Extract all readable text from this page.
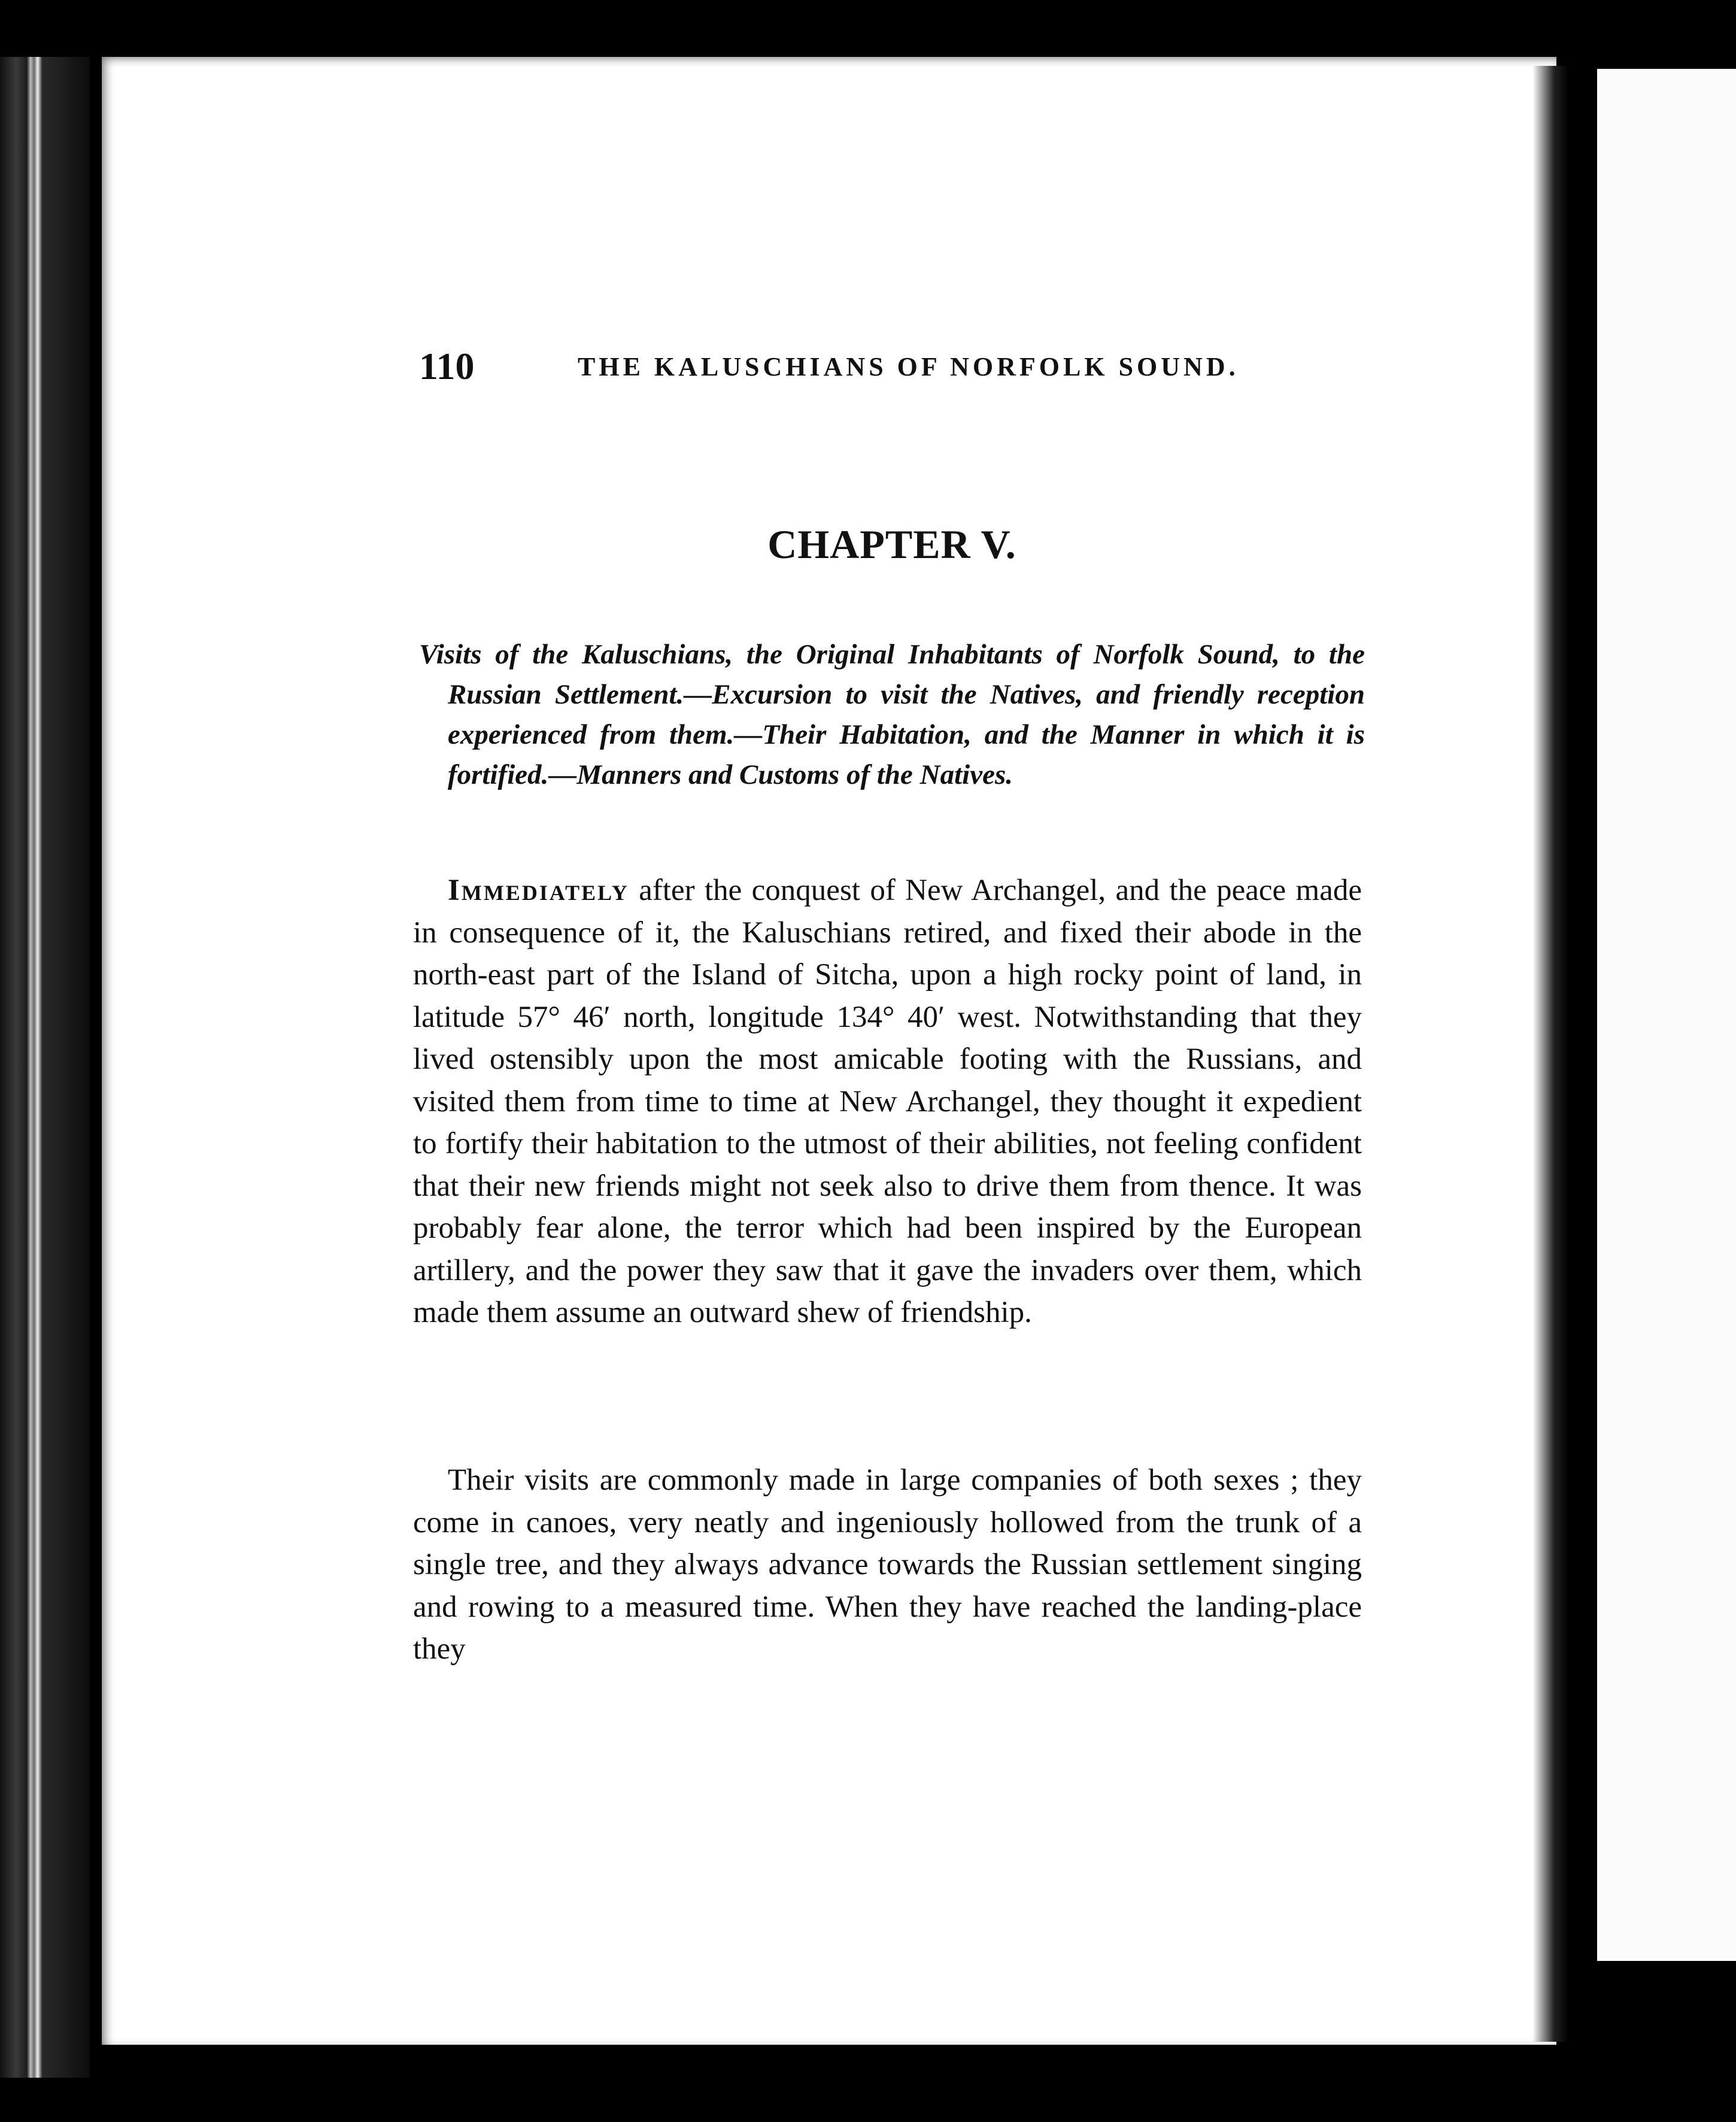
110	THE KALUSCHIANS OF NORFOLK SOUND.
CHAPTER V.
Visits of the Kaluschians, the Original Inhabitants of Norfolk Sound, to the Russian Settlement.—Excursion to visit the Natives, and friendly reception experienced from them.—Their Habitation, and the Manner in which it is fortified.—Manners and Customs of the Natives.
Immediately after the conquest of New Archangel, and the peace made in consequence of it, the Kaluschians retired, and fixed their abode in the north-east part of the Island of Sitcha, upon a high rocky point of land, in latitude 57° 46′ north, longitude 134° 40′ west. Notwithstanding that they lived ostensibly upon the most amicable footing with the Russians, and visited them from time to time at New Archangel, they thought it expedient to fortify their habitation to the utmost of their abilities, not feeling confident that their new friends might not seek also to drive them from thence. It was probably fear alone, the terror which had been inspired by the European artillery, and the power they saw that it gave the invaders over them, which made them assume an outward shew of friendship.
Their visits are commonly made in large companies of both sexes ; they come in canoes, very neatly and ingeniously hollowed from the trunk of a single tree, and they always advance towards the Russian settlement singing and rowing to a measured time. When they have reached the landing-place they
